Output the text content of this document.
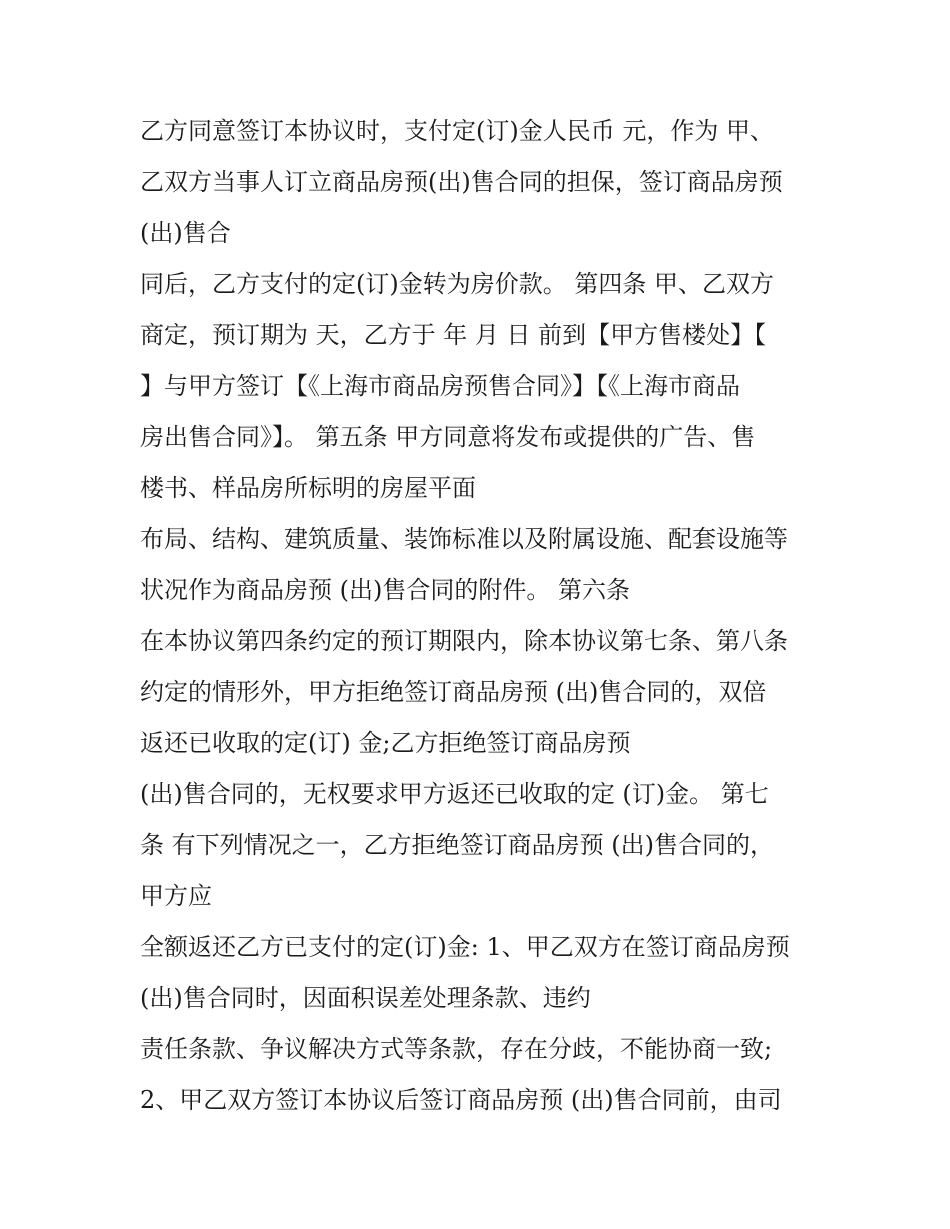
乙方同意签订本协议时，支付定(订)金人民币 元，作为 甲、
乙双方当事人订立商品房预(出)售合同的担保，签订商品房预
(出)售合
同后，乙方支付的定(订)金转为房价款。 第四条 甲、乙双方
商定，预订期为 天，乙方于 年 月 日 前到【甲方售楼处】【
】与甲方签订【《上海市商品房预售合同》】【《上海市商品
房出售合同》】。 第五条 甲方同意将发布或提供的广告、售
楼书、样品房所标明的房屋平面
布局、结构、建筑质量、装饰标准以及附属设施、配套设施等
状况作为商品房预 (出)售合同的附件。 第六条
在本协议第四条约定的预订期限内，除本协议第七条、第八条
约定的情形外，甲方拒绝签订商品房预 (出)售合同的，双倍
返还已收取的定(订) 金;乙方拒绝签订商品房预
(出)售合同的，无权要求甲方返还已收取的定 (订)金。 第七
条 有下列情况之一，乙方拒绝签订商品房预 (出)售合同的，
甲方应
全额返还乙方已支付的定(订)金: 1、甲乙双方在签订商品房预
(出)售合同时，因面积误差处理条款、违约
责任条款、争议解决方式等条款，存在分歧，不能协商一致;
2、甲乙双方签订本协议后签订商品房预 (出)售合同前，由司
